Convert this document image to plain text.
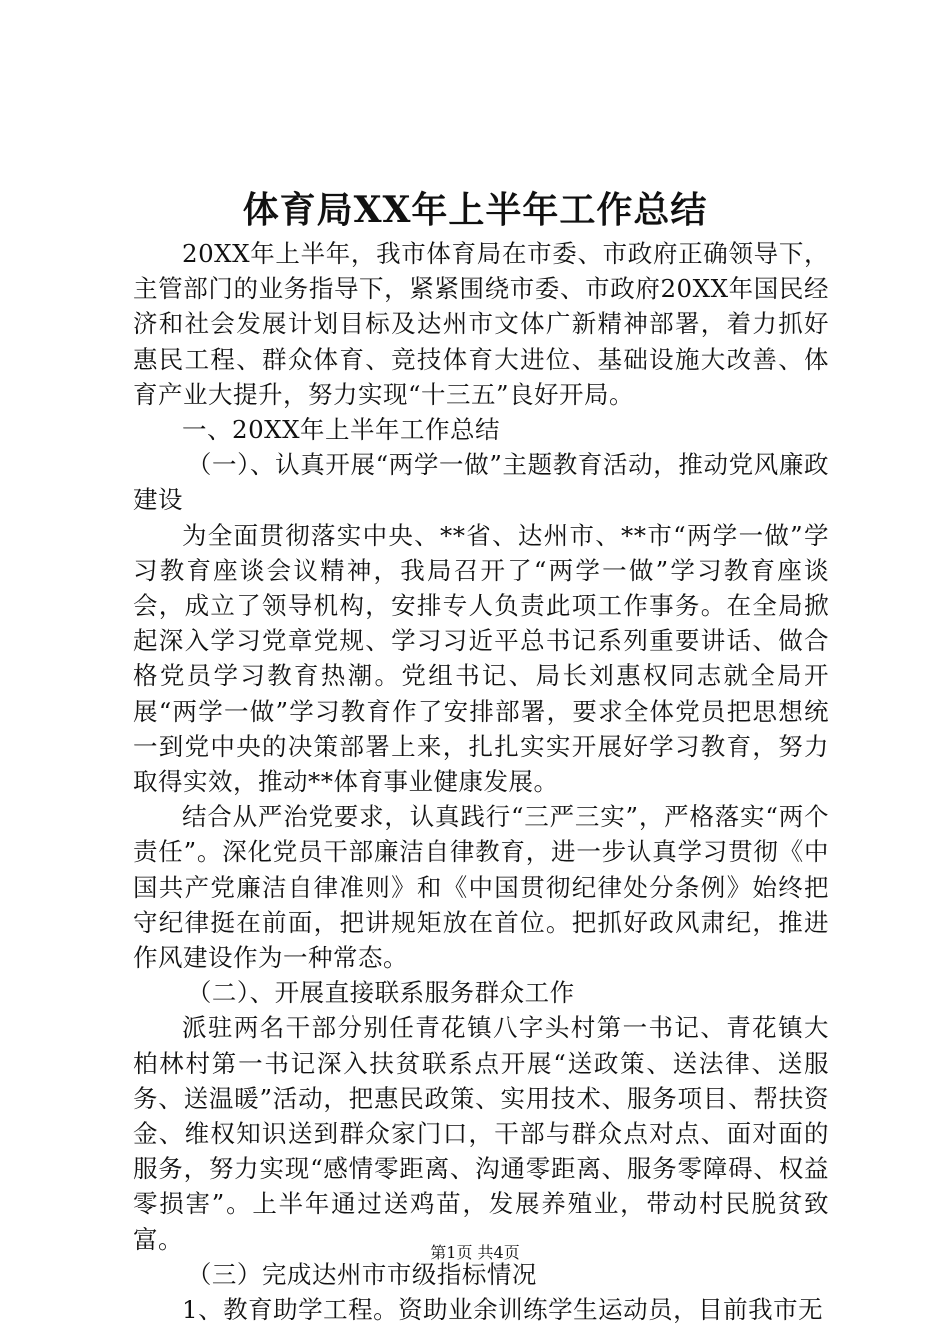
体育局XX年上半年工作总结

20XX年上半年，我市体育局在市委、市政府正确领导下，主管部门的业务指导下，紧紧围绕市委、市政府20XX年国民经济和社会发展计划目标及达州市文体广新精神部署，着力抓好惠民工程、群众体育、竞技体育大进位、基础设施大改善、体育产业大提升，努力实现“十三五”良好开局。

一、20XX年上半年工作总结

（一）、认真开展“两学一做”主题教育活动，推动党风廉政建设

为全面贯彻落实中央、**省、达州市、**市“两学一做”学习教育座谈会议精神，我局召开了“两学一做”学习教育座谈会，成立了领导机构，安排专人负责此项工作事务。在全局掀起深入学习党章党规、学习习近平总书记系列重要讲话、做合格党员学习教育热潮。党组书记、局长刘惠权同志就全局开展“两学一做”学习教育作了安排部署，要求全体党员把思想统一到党中央的决策部署上来，扎扎实实开展好学习教育，努力取得实效，推动**体育事业健康发展。

结合从严治党要求，认真践行“三严三实”，严格落实“两个责任”。深化党员干部廉洁自律教育，进一步认真学习贯彻《中国共产党廉洁自律准则》和《中国贯彻纪律处分条例》始终把守纪律挺在前面，把讲规矩放在首位。把抓好政风肃纪，推进作风建设作为一种常态。

（二）、开展直接联系服务群众工作

派驻两名干部分别任青花镇八字头村第一书记、青花镇大柏林村第一书记深入扶贫联系点开展“送政策、送法律、送服务、送温暖”活动，把惠民政策、实用技术、服务项目、帮扶资金、维权知识送到群众家门口，干部与群众点对点、面对面的服务，努力实现“感情零距离、沟通零距离、服务零障碍、权益零损害”。上半年通过送鸡苗，发展养殖业，带动村民脱贫致富。

（三）完成达州市市级指标情况

1、教育助学工程。资助业余训练学生运动员，目前我市无

第1页 共4页
